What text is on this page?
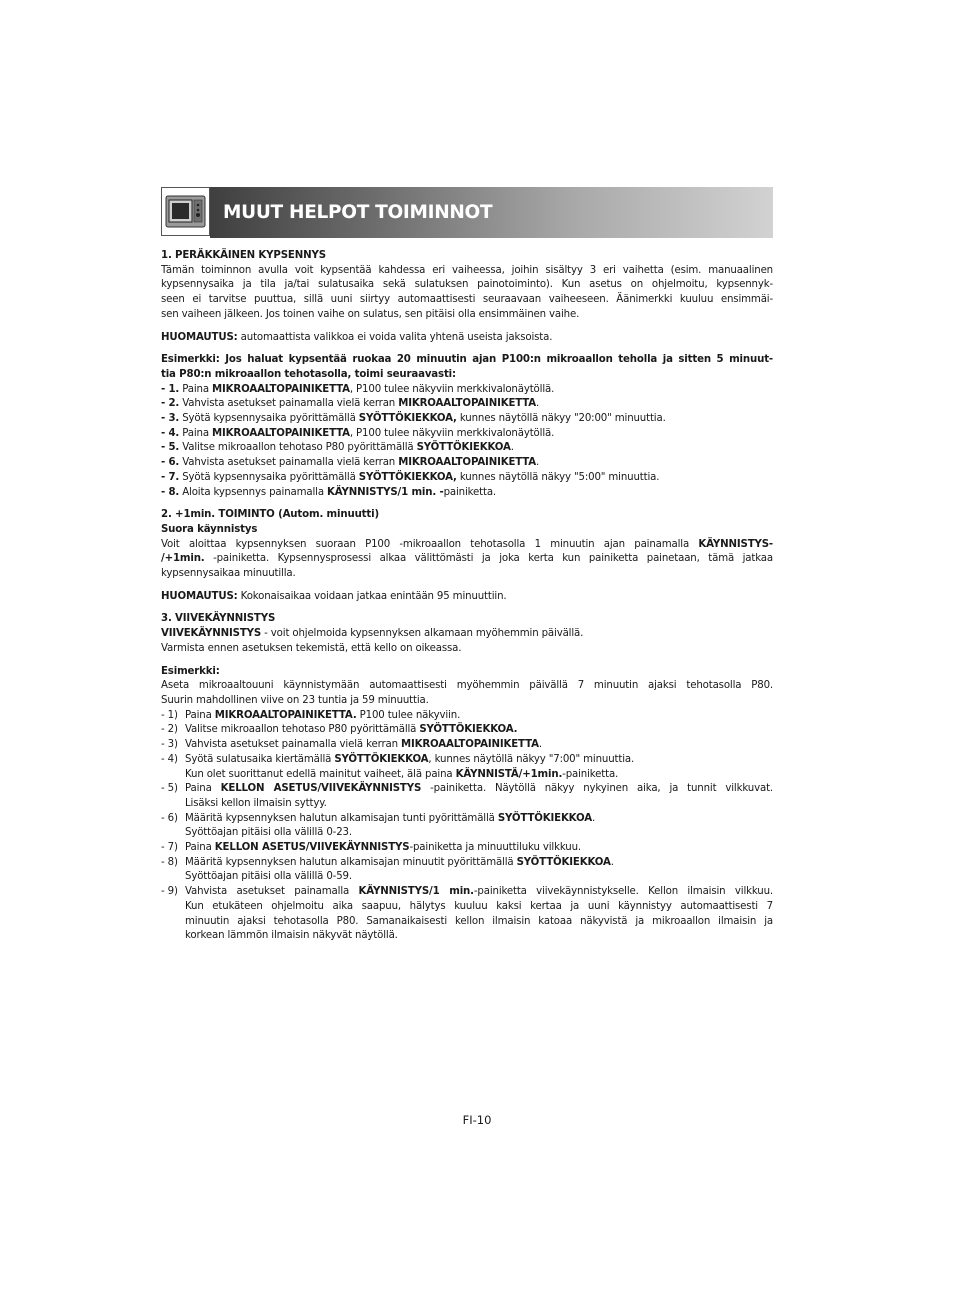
MUUT HELPOT TOIMINNOT

1. PERÄKKÄINEN KYPSENNYS

Tämän toiminnon avulla voit kypsentää kahdessa eri vaiheessa, joihin sisältyy 3 eri vaihetta (esim. manuaalinen

kypsennysaika ja tila ja/tai sulatusaika sekä sulatuksen painotoiminto). Kun asetus on ohjelmoitu, kypsennyk-

seen ei tarvitse puuttua, sillä uuni siirtyy automaattisesti seuraavaan vaiheeseen. Äänimerkki kuuluu ensimmäi-

sen vaiheen jälkeen. Jos toinen vaihe on sulatus, sen pitäisi olla ensimmäinen vaihe.

HUOMAUTUS: automaattista valikkoa ei voida valita yhtenä useista jaksoista.

Esimerkki: Jos haluat kypsentää ruokaa 20 minuutin ajan P100:n mikroaallon teholla ja sitten 5 minuut-

tia P80:n mikroaallon tehotasolla, toimi seuraavasti:

- 1. Paina MIKROAALTOPAINIKETTA, P100 tulee näkyviin merkkivalonäytöllä.

- 2. Vahvista asetukset painamalla vielä kerran MIKROAALTOPAINIKETTA.

- 3. Syötä kypsennysaika pyörittämällä SYÖTTÖKIEKKOA, kunnes näytöllä näkyy "20:00" minuuttia.

- 4. Paina MIKROAALTOPAINIKETTA, P100 tulee näkyviin merkkivalonäytöllä.

- 5. Valitse mikroaallon tehotaso P80 pyörittämällä SYÖTTÖKIEKKOA.

- 6. Vahvista asetukset painamalla vielä kerran MIKROAALTOPAINIKETTA.

- 7. Syötä kypsennysaika pyörittämällä SYÖTTÖKIEKKOA, kunnes näytöllä näkyy "5:00" minuuttia.

- 8. Aloita kypsennys painamalla KÄYNNISTYS/1 min. -painiketta.

2. +1min. TOIMINTO (Autom. minuutti)

Suora käynnistys

Voit aloittaa kypsennyksen suoraan P100 -mikroaallon tehotasolla 1 minuutin ajan painamalla KÄYNNISTYS-

/+1min. -painiketta. Kypsennysprosessi alkaa välittömästi ja joka kerta kun painiketta painetaan, tämä jatkaa

kypsennysaikaa minuutilla.

HUOMAUTUS: Kokonaisaikaa voidaan jatkaa enintään 95 minuuttiin.

3. VIIVEKÄYNNISTYS

VIIVEKÄYNNISTYS - voit ohjelmoida kypsennyksen alkamaan myöhemmin päivällä.

Varmista ennen asetuksen tekemistä, että kello on oikeassa.

Esimerkki:

Aseta mikroaaltouuni käynnistymään automaattisesti myöhemmin päivällä 7 minuutin ajaksi tehotasolla P80.

Suurin mahdollinen viive on 23 tuntia ja 59 minuuttia.

- 1) Paina MIKROAALTOPAINIKETTA. P100 tulee näkyviin.
- 2) Valitse mikroaallon tehotaso P80 pyörittämällä SYÖTTÖKIEKKOA.
- 3) Vahvista asetukset painamalla vielä kerran MIKROAALTOPAINIKETTA.
- 4) Syötä sulatusaika kiertämällä SYÖTTÖKIEKKOA, kunnes näytöllä näkyy "7:00" minuuttia.
Kun olet suorittanut edellä mainitut vaiheet, älä paina KÄYNNISTÄ/+1min.-painiketta.
- 5) Paina KELLON ASETUS/VIIVEKÄYNNISTYS -painiketta. Näytöllä näkyy nykyinen aika, ja tunnit vilkkuvat.
Lisäksi kellon ilmaisin syttyy.
- 6) Määritä kypsennyksen halutun alkamisajan tunti pyörittämällä SYÖTTÖKIEKKOA.
Syöttöajan pitäisi olla välillä 0-23.
- 7) Paina KELLON ASETUS/VIIVEKÄYNNISTYS-painiketta ja minuuttiluku vilkkuu.
- 8) Määritä kypsennyksen halutun alkamisajan minuutit pyörittämällä SYÖTTÖKIEKKOA.
Syöttöajan pitäisi olla välillä 0-59.
- 9) Vahvista asetukset painamalla KÄYNNISTYS/1 min.-painiketta viivekäynnistykselle. Kellon ilmaisin vilkkuu.
Kun etukäteen ohjelmoitu aika saapuu, hälytys kuuluu kaksi kertaa ja uuni käynnistyy automaattisesti 7
minuutin ajaksi tehotasolla P80. Samanaikaisesti kellon ilmaisin katoaa näkyvistä ja mikroaallon ilmaisin ja
korkean lämmön ilmaisin näkyvät näytöllä.
FI-10
